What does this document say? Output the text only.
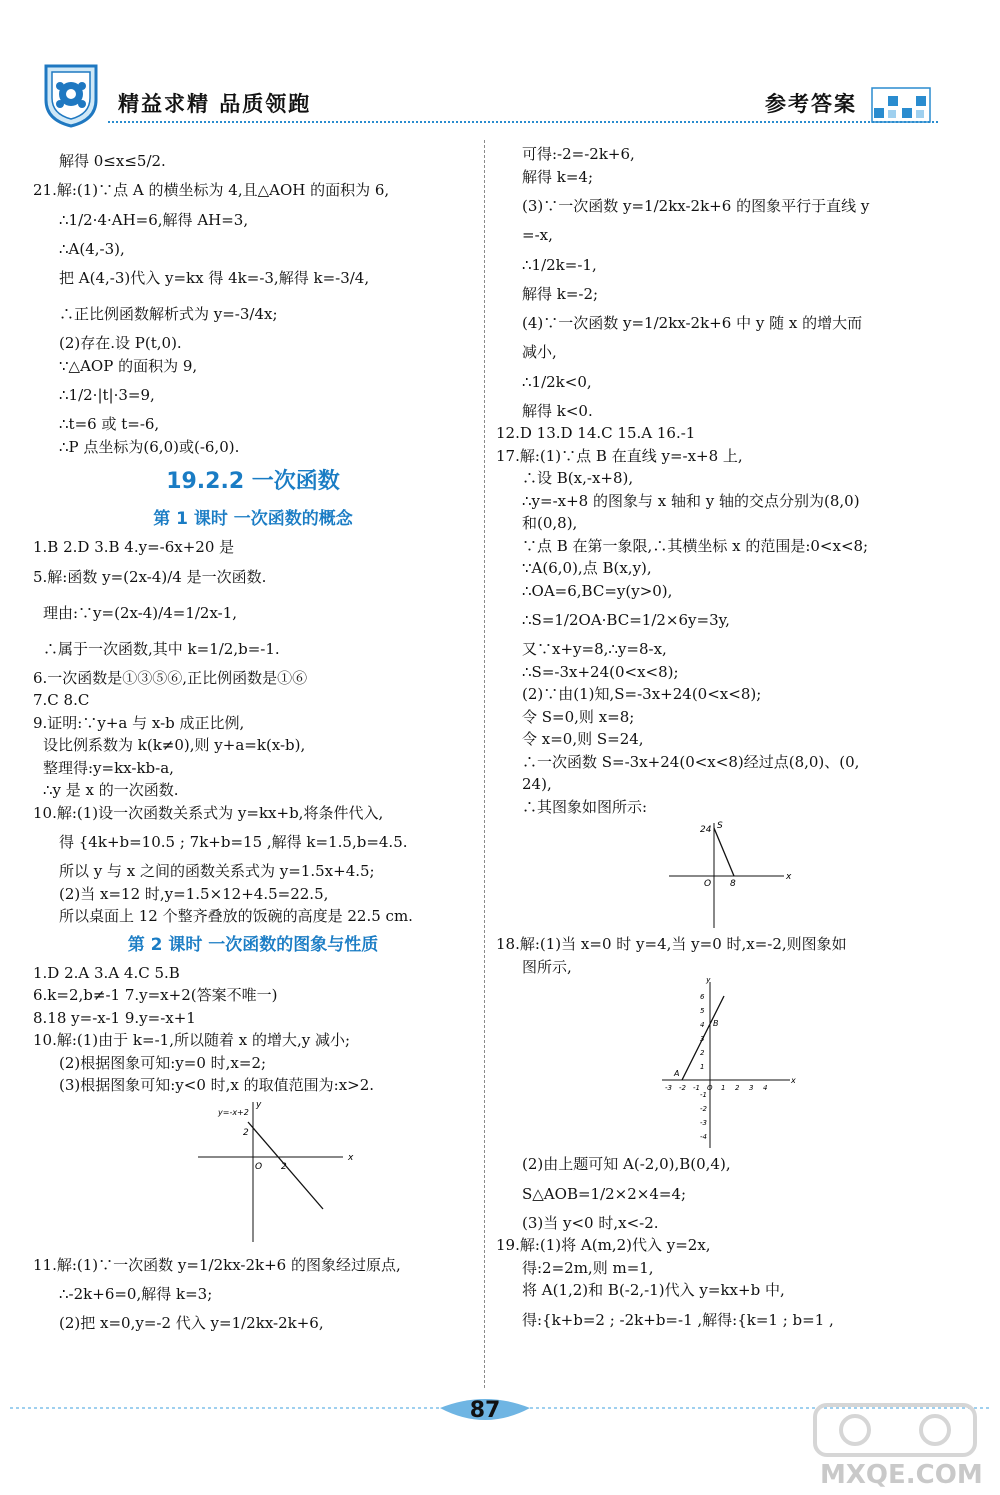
精益求精 品质领跑	参考答案
解得 0≤x≤5/2.
21.解:(1)∵点 A 的横坐标为 4,且△AOH 的面积为 6,
∴1/2·4·AH=6,解得 AH=3,
∴A(4,-3),
把 A(4,-3)代入 y=kx 得 4k=-3,解得 k=-3/4,
∴正比例函数解析式为 y=-3/4x;
(2)存在.设 P(t,0).
∵△AOP 的面积为 9,
∴1/2·|t|·3=9,
∴t=6 或 t=-6,
∴P 点坐标为(6,0)或(-6,0).
19.2.2 一次函数
第 1 课时 一次函数的概念
1.B 2.D 3.B 4.y=-6x+20 是
5.解:函数 y=(2x-4)/4 是一次函数.
理由:∵y=(2x-4)/4=1/2x-1,
∴属于一次函数,其中 k=1/2,b=-1.
6.一次函数是①③⑤⑥,正比例函数是①⑥
7.C 8.C
9.证明:∵y+a 与 x-b 成正比例,
设比例系数为 k(k≠0),则 y+a=k(x-b),
整理得:y=kx-kb-a,
∴y 是 x 的一次函数.
10.解:(1)设一次函数关系式为 y=kx+b,将条件代入,
得 {4k+b=10.5 ; 7k+b=15 ,解得 k=1.5,b=4.5.
所以 y 与 x 之间的函数关系式为 y=1.5x+4.5;
(2)当 x=12 时,y=1.5×12+4.5=22.5,
所以桌面上 12 个整齐叠放的饭碗的高度是 22.5 cm.
第 2 课时 一次函数的图象与性质
1.D 2.A 3.A 4.C 5.B
6.k=2,b≠-1 7.y=x+2(答案不唯一)
8.18 y=-x-1 9.y=-x+1
10.解:(1)由于 k=-1,所以随着 x 的增大,y 减小;
(2)根据图象可知:y=0 时,x=2;
(3)根据图象可知:y<0 时,x 的取值范围为:x>2.
x
y
y=-x+2
O 2
2
11.解:(1)∵一次函数 y=1/2kx-2k+6 的图象经过原点,
∴-2k+6=0,解得 k=3;
(2)把 x=0,y=-2 代入 y=1/2kx-2k+6,
可得:-2=-2k+6,
解得 k=4;
(3)∵一次函数 y=1/2kx-2k+6 的图象平行于直线 y
=-x,
∴1/2k=-1,
解得 k=-2;
(4)∵一次函数 y=1/2kx-2k+6 中 y 随 x 的增大而
减小,
∴1/2k<0,
解得 k<0.
12.D 13.D 14.C 15.A 16.-1
17.解:(1)∵点 B 在直线 y=-x+8 上,
∴设 B(x,-x+8),
∴y=-x+8 的图象与 x 轴和 y 轴的交点分别为(8,0)
和(0,8),
∵点 B 在第一象限,∴其横坐标 x 的范围是:0<x<8;
∵A(6,0),点 B(x,y),
∴OA=6,BC=y(y>0),
∴S=1/2OA·BC=1/2×6y=3y,
又∵x+y=8,∴y=8-x,
∴S=-3x+24(0<x<8);
(2)∵由(1)知,S=-3x+24(0<x<8);
令 S=0,则 x=8;
令 x=0,则 S=24,
∴一次函数 S=-3x+24(0<x<8)经过点(8,0)、(0,
24),
∴其图象如图所示:
x
S
24
O 8
18.解:(1)当 x=0 时 y=4,当 y=0 时,x=-2,则图象如
图所示,
-3 -2 -1 O 1 2 3 4
6
5
4
3
2
1
-1
-2
-3
-4
x
y
A
B
(2)由上题可知 A(-2,0),B(0,4),
S△AOB=1/2×2×4=4;
(3)当 y<0 时,x<-2.
19.解:(1)将 A(m,2)代入 y=2x,
得:2=2m,则 m=1,
将 A(1,2)和 B(-2,-1)代入 y=kx+b 中,
得:{k+b=2 ; -2k+b=-1 ,解得:{k=1 ; b=1 ,
87
MXQE.COM
